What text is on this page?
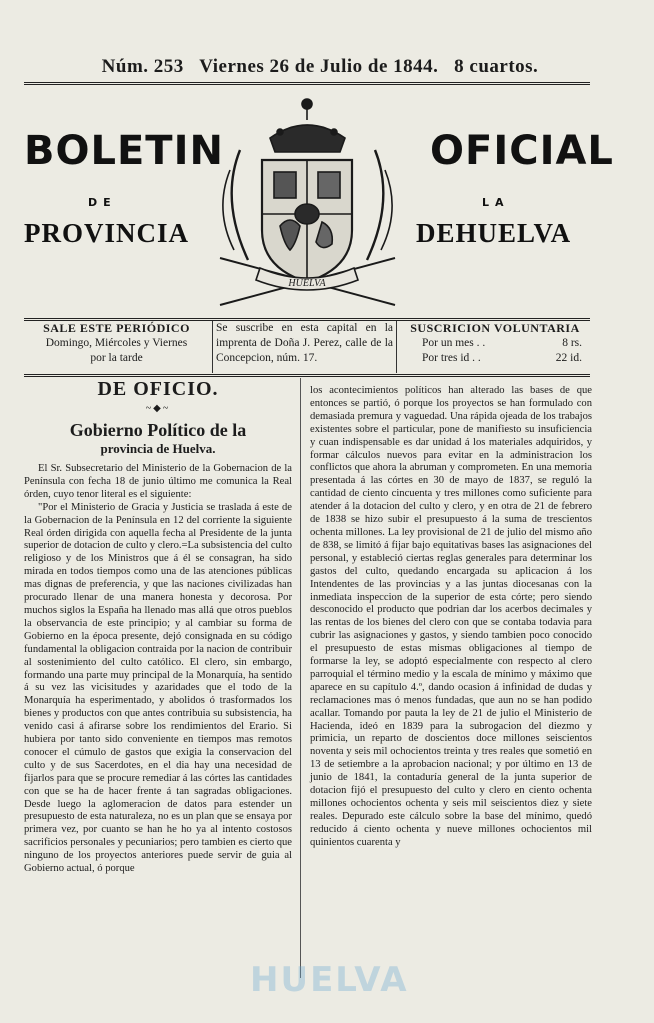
Núm. 253 Viernes 26 de Julio de 1844. 8 cuartos.
BOLETIN	OFICIAL
DE	LA
PROVINCIA	DEHUELVA
HUELVA
SALE ESTE PERIÓDICO
Domingo, Miércoles y Viernes
por la tarde
Se suscribe en esta capital en la imprenta de Doña J. Perez, calle de la Concepcion, núm. 17.
SUSCRICION VOLUNTARIA
Por un mes . .	8 rs.
Por tres id . .	22 id.
DE OFICIO.
~◆~
Gobierno Político de la
provincia de Huelva.

El Sr. Subsecretario del Ministerio de la Gobernacion de la Península con fecha 18 de junio último me comunica la Real órden, cuyo tenor literal es el siguiente:

"Por el Ministerio de Gracia y Justicia se traslada á este de la Gobernacion de la Península en 12 del corriente la siguiente Real órden dirigida con aquella fecha al Presidente de la junta superior de dotacion de culto y clero.=La subsistencia del culto religioso y de los Ministros que á él se consagran, ha sido mirada en todos tiempos como una de las atenciones públicas mas dignas de preferencia, y que las naciones civilizadas han procurado llenar de una manera honesta y decorosa. Por muchos siglos la España ha llenado mas allá que otros pueblos la observancia de este principio; y al cambiar su forma de Gobierno en la época presente, dejó consignada en su código fundamental la obligacion contraida por la nacion de contribuir al sostenimiento del culto católico. El clero, sin embargo, formando una parte muy principal de la Monarquía, ha sentido á su vez las vicisitudes y azaridades que el todo de la Monarquía ha esperimentado, y abolidos ó trasformados los bienes y productos con que antes contribuia su subsistencia, ha venido casi á afirarse sobre los rendimientos del Erario. Si hubiera por tanto sido conveniente en tiempos mas remotos conocer el cúmulo de gastos que exigia la conservacion del culto y de sus Sacerdotes, en el dia hay una necesidad de fijarlos para que se procure remediar á las córtes las cantidades con que se ha de hacer frente á tan sagradas obligaciones. Desde luego la aglomeracion de datos para estender un presupuesto de esta naturaleza, no es un plan que se ensaya por primera vez, por cuanto se han he ho ya al intento costosos sacrificios personales y pecuniarios; pero tambien es cierto que ninguno de los proyectos anteriores puede servir de guia al Gobierno actual, ó porque

los acontecimientos políticos han alterado las bases de que entonces se partió, ó porque los proyectos se han formulado con demasiada premura y vaguedad. Una rápida ojeada de los trabajos existentes sobre el particular, pone de manifiesto su insuficiencia y cuan indispensable es dar unidad á los materiales adquiridos, y formar cálculos nuevos para evitar en la administracion los conflictos que ahora la abruman y comprometen. En una memoria presentada á las córtes en 30 de mayo de 1837, se reguló la cantidad de ciento cincuenta y tres millones como suficiente para atender á la dotacion del culto y clero, y en otra de 21 de febrero de 1838 se hizo subir el presupuesto á la suma de trescientos ochenta millones. La ley provisional de 21 de julio del mismo año de 838, se limitó á fijar bajo equitativas bases las asignaciones del personal, y estableció ciertas reglas generales para determinar los gastos del culto, quedando encargada su aplicacion á los Intendentes de las provincias y a las juntas diocesanas con la inmediata inspeccion de la superior de esta córte; pero siendo desconocido el producto que podrian dar los acerbos decimales y las rentas de los bienes del clero con que se contaba todavia para cubrir las asignaciones y gastos, y siendo tambien poco conocido el presupuesto de estas mismas obligaciones al tiempo de formarse la ley, se adoptó especialmente con respecto al clero parroquial el término medio y la escala de mínimo y máximo que aparece en su capítulo 4.º, dando ocasion á infinidad de dudas y reclamaciones mas ó menos fundadas, que aun no se han podido acallar. Tomando por pauta la ley de 21 de julio el Ministerio de Hacienda, ideó en 1839 para la subrogacion del diezmo y primicia, un reparto de doscientos doce millones seiscientos noventa y seis mil ochocientos treinta y tres reales que sometió en 13 de setiembre a la aprobacion nacional; y por último en 13 de junio de 1841, la contaduría general de la junta superior de dotacion fijó el presupuesto del culto y clero en ciento ochenta millones ochocientos ochenta y seis mil seiscientos diez y siete reales. Depurado este cálculo sobre la base del mínimo, quedó reducido á ciento ochenta y nueve millones ochocientos mil quinientos cuarenta y

HUELVA
